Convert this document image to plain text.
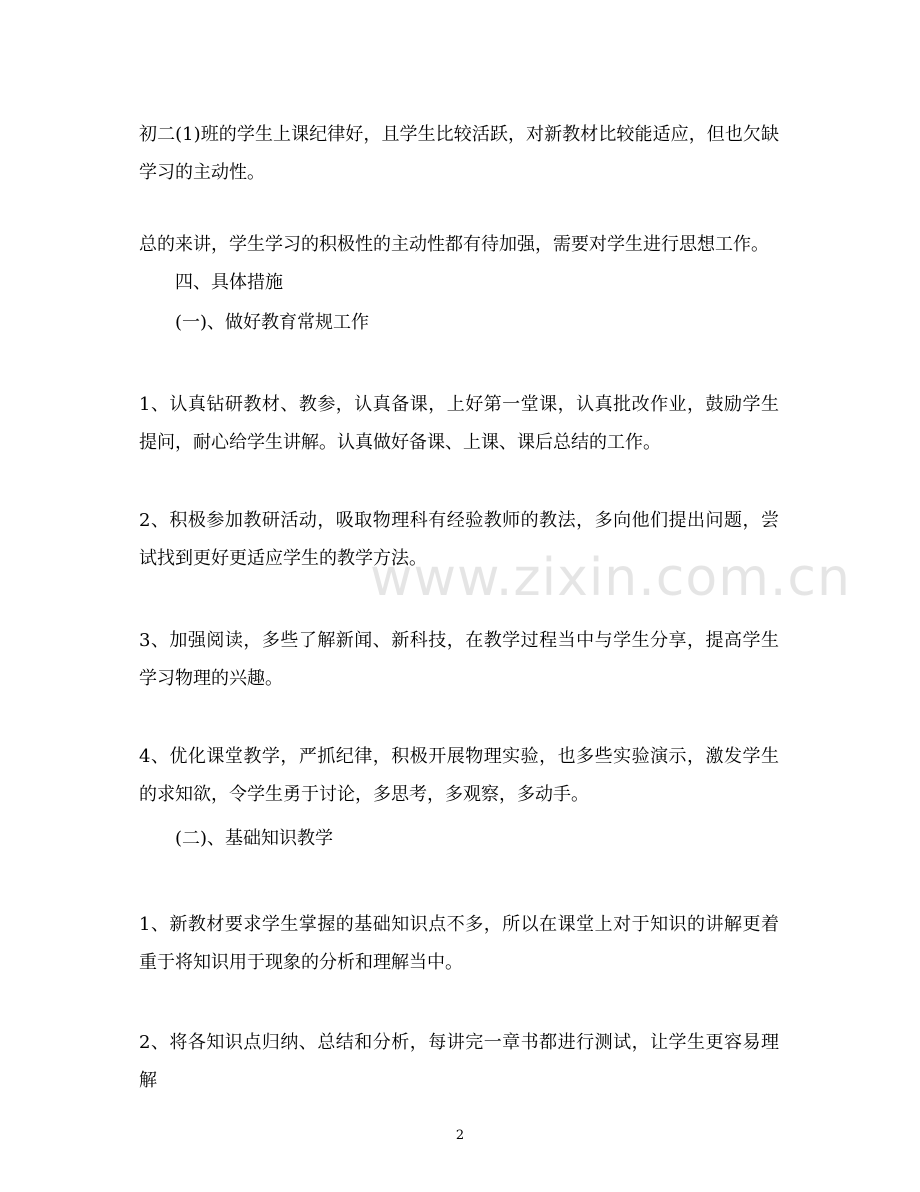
初二(1)班的学生上课纪律好，且学生比较活跃，对新教材比较能适应，但也欠缺学习的主动性。

总的来讲，学生学习的积极性的主动性都有待加强，需要对学生进行思想工作。

四、具体措施

(一)、做好教育常规工作

1、认真钻研教材、教参，认真备课，上好第一堂课，认真批改作业，鼓励学生提问，耐心给学生讲解。认真做好备课、上课、课后总结的工作。

2、积极参加教研活动，吸取物理科有经验教师的教法，多向他们提出问题，尝试找到更好更适应学生的教学方法。

3、加强阅读，多些了解新闻、新科技，在教学过程当中与学生分享，提高学生学习物理的兴趣。

4、优化课堂教学，严抓纪律，积极开展物理实验，也多些实验演示，激发学生的求知欲，令学生勇于讨论，多思考，多观察，多动手。

(二)、基础知识教学

1、新教材要求学生掌握的基础知识点不多，所以在课堂上对于知识的讲解更着重于将知识用于现象的分析和理解当中。

2、将各知识点归纳、总结和分析，每讲完一章书都进行测试，让学生更容易理解

www.zixin.com.cn
2
